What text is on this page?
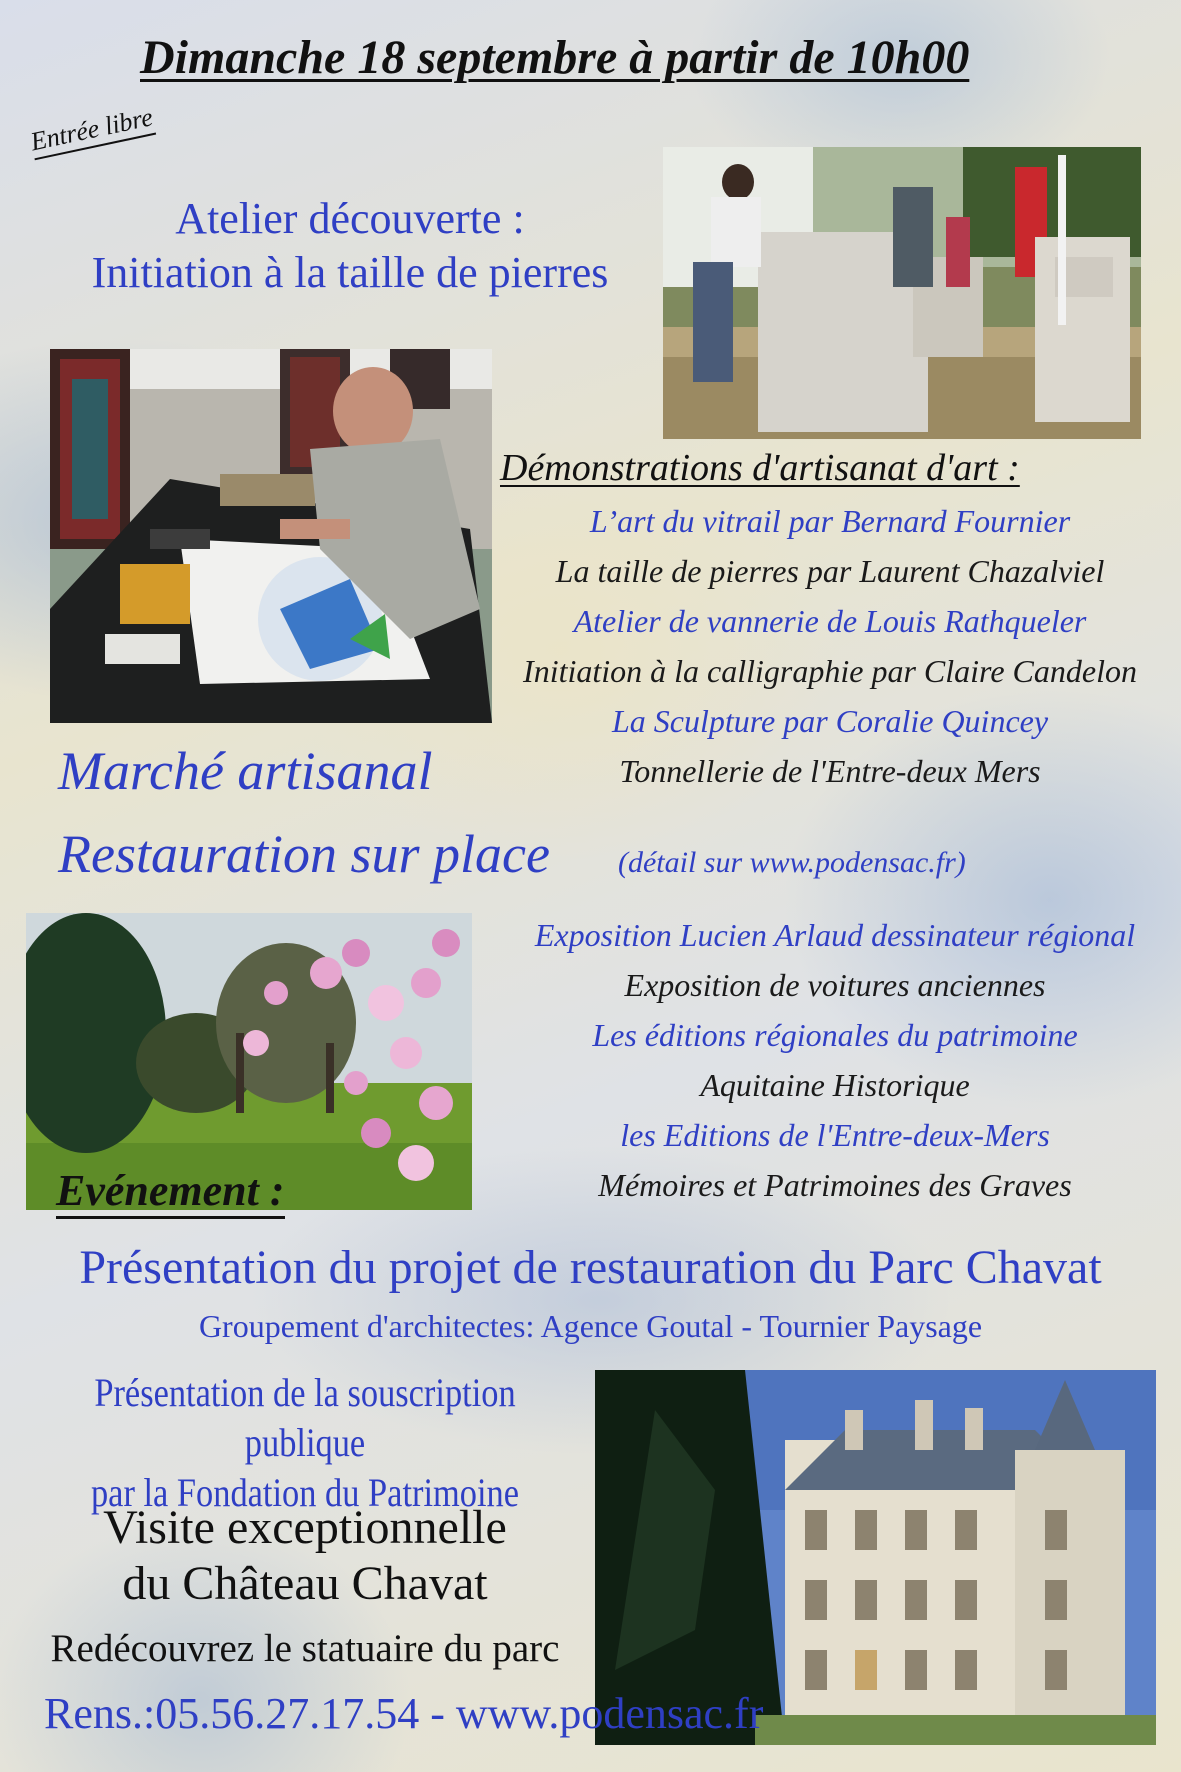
Dimanche 18 septembre à partir de 10h00
Entrée libre
Atelier découverte :
Initiation à la taille de pierres
Démonstrations d'artisanat d'art :
L’art du vitrail par Bernard Fournier
La taille de pierres par Laurent Chazalviel
Atelier de vannerie de Louis Rathqueler
Initiation à la calligraphie par Claire Candelon
La Sculpture par Coralie Quincey
Tonnellerie de l'Entre-deux Mers
Marché artisanal
Restauration sur place (détail sur www.podensac.fr)
Exposition Lucien Arlaud dessinateur régional
Exposition de voitures anciennes
Les éditions régionales du patrimoine
Aquitaine Historique
les Editions de l'Entre-deux-Mers
Mémoires et Patrimoines des Graves
Evénement :
Présentation du projet de restauration du Parc Chavat
Groupement d'architectes: Agence Goutal - Tournier Paysage
Présentation de la souscription publique
par la Fondation du Patrimoine
Visite exceptionnelle
du Château Chavat
Redécouvrez le statuaire du parc
Rens.:05.56.27.17.54 - www.podensac.fr
